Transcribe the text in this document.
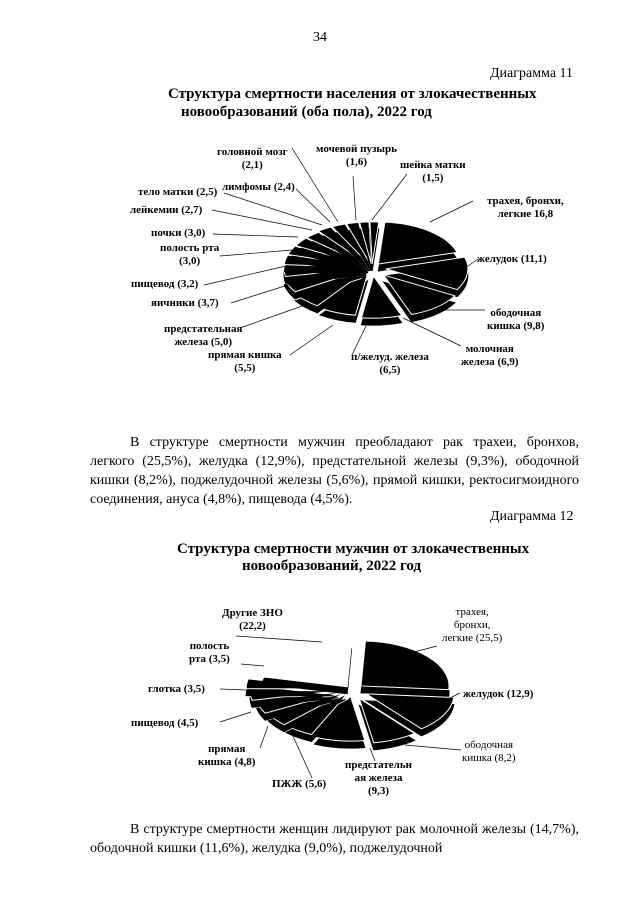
34
Диаграмма 11
Структура смертности населения от злокачественных
новообразований (оба пола), 2022 год
головной мозг
(2,1)
мочевой пузырь
(1,6)	шейка матки
(1,5)
тело матки (2,5) лимфомы (2,4)
трахея, бронхи,
легкие 16,8
лейкемии (2,7)
почки (3,0)
полость рта
(3,0)	желудок (11,1)
пищевод (3,2)
яичники (3,7)
ободочная
кишка (9,8)
предстательная
железа (5,0)
молочная
железа (6,9)
прямая кишка
(5,5)
п/желуд. железа
(6,5)
В структуре смертности мужчин преобладают рак трахеи, бронхов, легкого (25,5%), желудка (12,9%), предстательной железы (9,3%), ободочной кишки (8,2%), поджелудочной железы (5,6%), прямой кишки, ректосигмоидного соединения, ануса (4,8%), пищевода (4,5%).
Диаграмма 12
Структура смертности мужчин от злокачественных
новообразований, 2022 год
Другие ЗНО
(22,2)
трахея,
бронхи,
легкие (25,5)
полость
рта (3,5)
глотка (3,5)	желудок (12,9)
пищевод (4,5)
ободочная
кишка (8,2)
прямая
кишка (4,8)	предстательн
ая железа
(9,3)
ПЖЖ (5,6)
В структуре смертности женщин лидируют рак молочной железы (14,7%), ободочной кишки (11,6%), желудка (9,0%), поджелудочной
